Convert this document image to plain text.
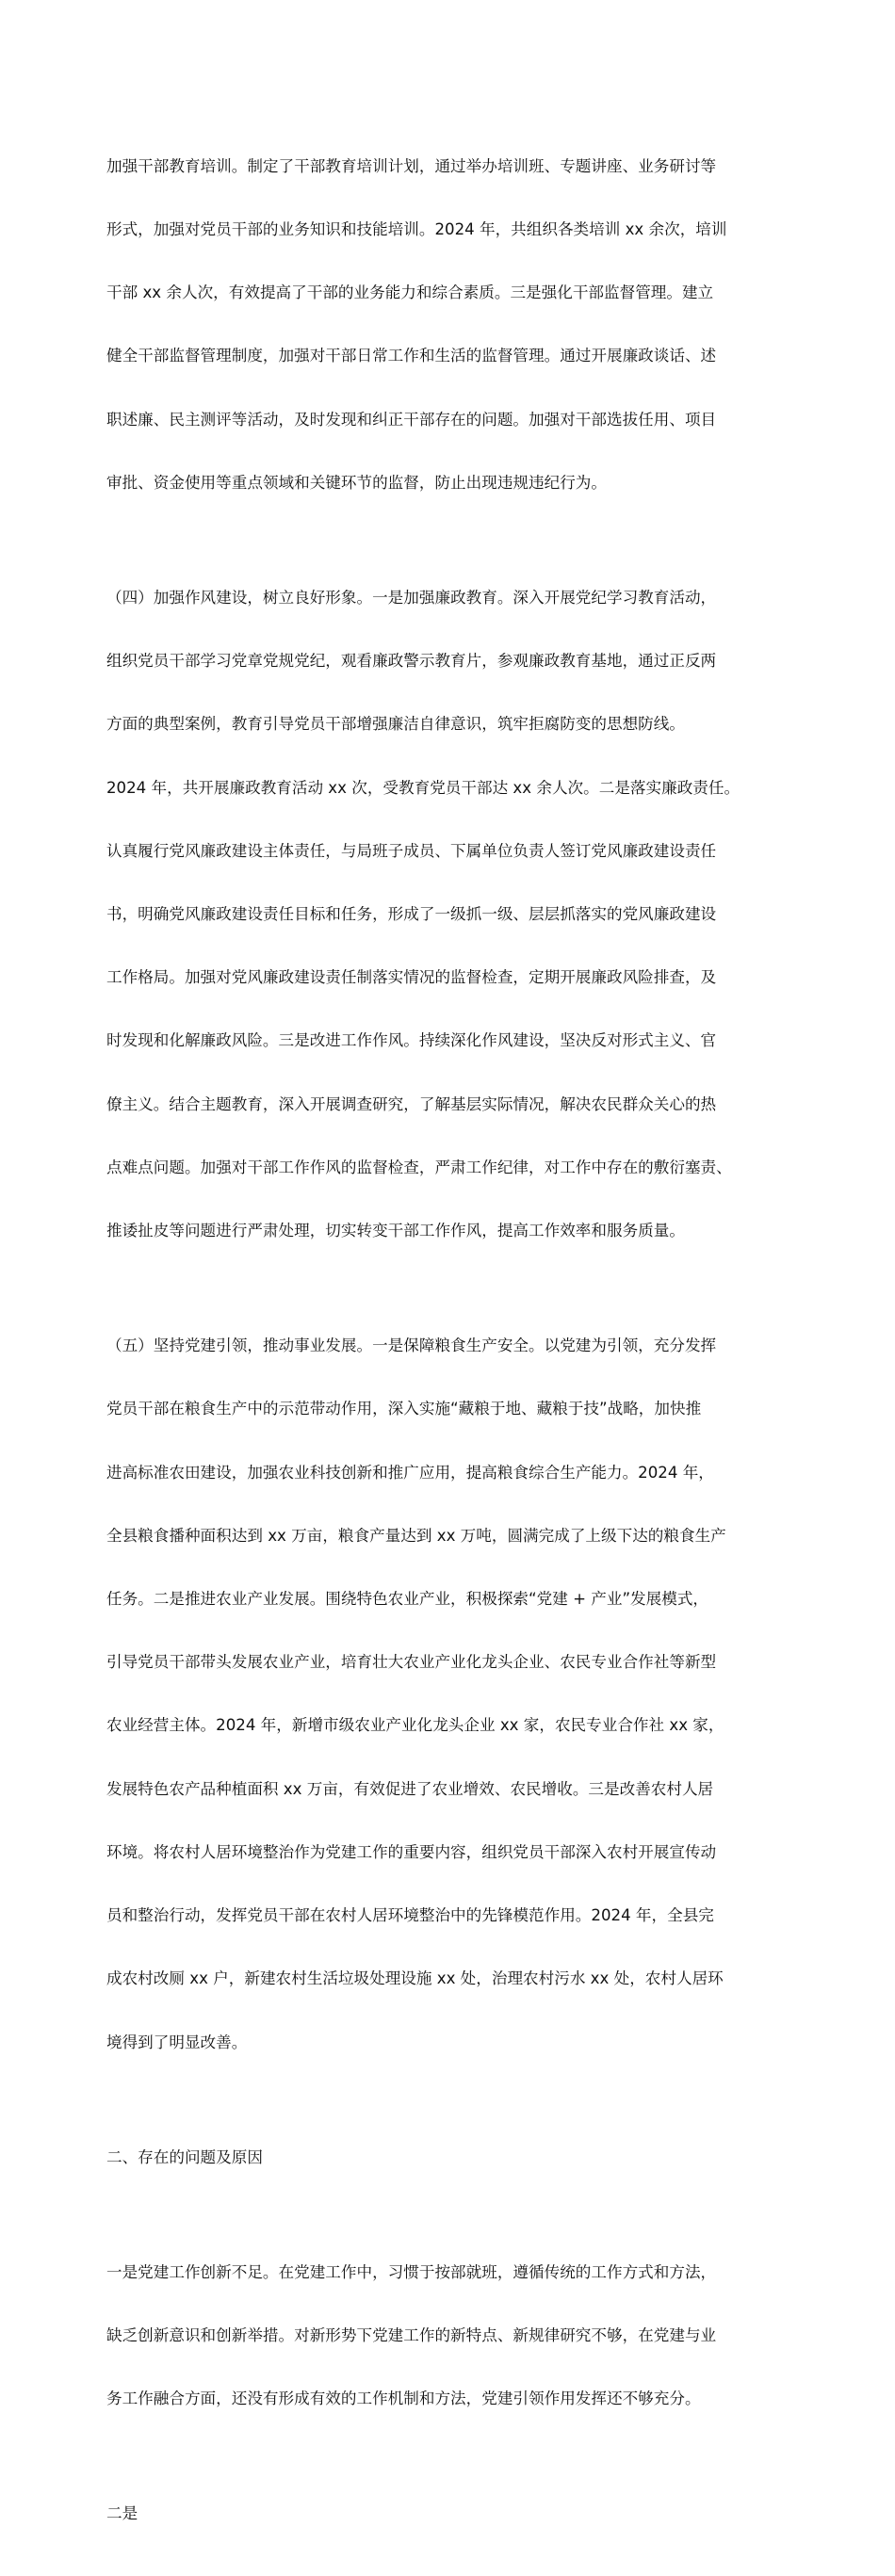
加强干部教育培训。制定了干部教育培训计划，通过举办培训班、专题讲座、业务研讨等

形式，加强对党员干部的业务知识和技能培训。2024 年，共组织各类培训 xx 余次，培训

干部 xx 余人次，有效提高了干部的业务能力和综合素质。三是强化干部监督管理。建立

健全干部监督管理制度，加强对干部日常工作和生活的监督管理。通过开展廉政谈话、述

职述廉、民主测评等活动，及时发现和纠正干部存在的问题。加强对干部选拔任用、项目

审批、资金使用等重点领域和关键环节的监督，防止出现违规违纪行为。

（四）加强作风建设，树立良好形象。一是加强廉政教育。深入开展党纪学习教育活动，

组织党员干部学习党章党规党纪，观看廉政警示教育片，参观廉政教育基地，通过正反两

方面的典型案例，教育引导党员干部增强廉洁自律意识，筑牢拒腐防变的思想防线。

2024 年，共开展廉政教育活动 xx 次，受教育党员干部达 xx 余人次。二是落实廉政责任。

认真履行党风廉政建设主体责任，与局班子成员、下属单位负责人签订党风廉政建设责任

书，明确党风廉政建设责任目标和任务，形成了一级抓一级、层层抓落实的党风廉政建设

工作格局。加强对党风廉政建设责任制落实情况的监督检查，定期开展廉政风险排查，及

时发现和化解廉政风险。三是改进工作作风。持续深化作风建设，坚决反对形式主义、官

僚主义。结合主题教育，深入开展调查研究，了解基层实际情况，解决农民群众关心的热

点难点问题。加强对干部工作作风的监督检查，严肃工作纪律，对工作中存在的敷衍塞责、

推诿扯皮等问题进行严肃处理，切实转变干部工作作风，提高工作效率和服务质量。

（五）坚持党建引领，推动事业发展。一是保障粮食生产安全。以党建为引领，充分发挥

党员干部在粮食生产中的示范带动作用，深入实施“藏粮于地、藏粮于技”战略，加快推

进高标准农田建设，加强农业科技创新和推广应用，提高粮食综合生产能力。2024 年，

全县粮食播种面积达到 xx 万亩，粮食产量达到 xx 万吨，圆满完成了上级下达的粮食生产

任务。二是推进农业产业发展。围绕特色农业产业，积极探索“党建 + 产业”发展模式，

引导党员干部带头发展农业产业，培育壮大农业产业化龙头企业、农民专业合作社等新型

农业经营主体。2024 年，新增市级农业产业化龙头企业 xx 家，农民专业合作社 xx 家，

发展特色农产品种植面积 xx 万亩，有效促进了农业增效、农民增收。三是改善农村人居

环境。将农村人居环境整治作为党建工作的重要内容，组织党员干部深入农村开展宣传动

员和整治行动，发挥党员干部在农村人居环境整治中的先锋模范作用。2024 年，全县完

成农村改厕 xx 户，新建农村生活垃圾处理设施 xx 处，治理农村污水 xx 处，农村人居环

境得到了明显改善。

二、存在的问题及原因

一是党建工作创新不足。在党建工作中，习惯于按部就班，遵循传统的工作方式和方法，

缺乏创新意识和创新举措。对新形势下党建工作的新特点、新规律研究不够，在党建与业

务工作融合方面，还没有形成有效的工作机制和方法，党建引领作用发挥还不够充分。

二是
